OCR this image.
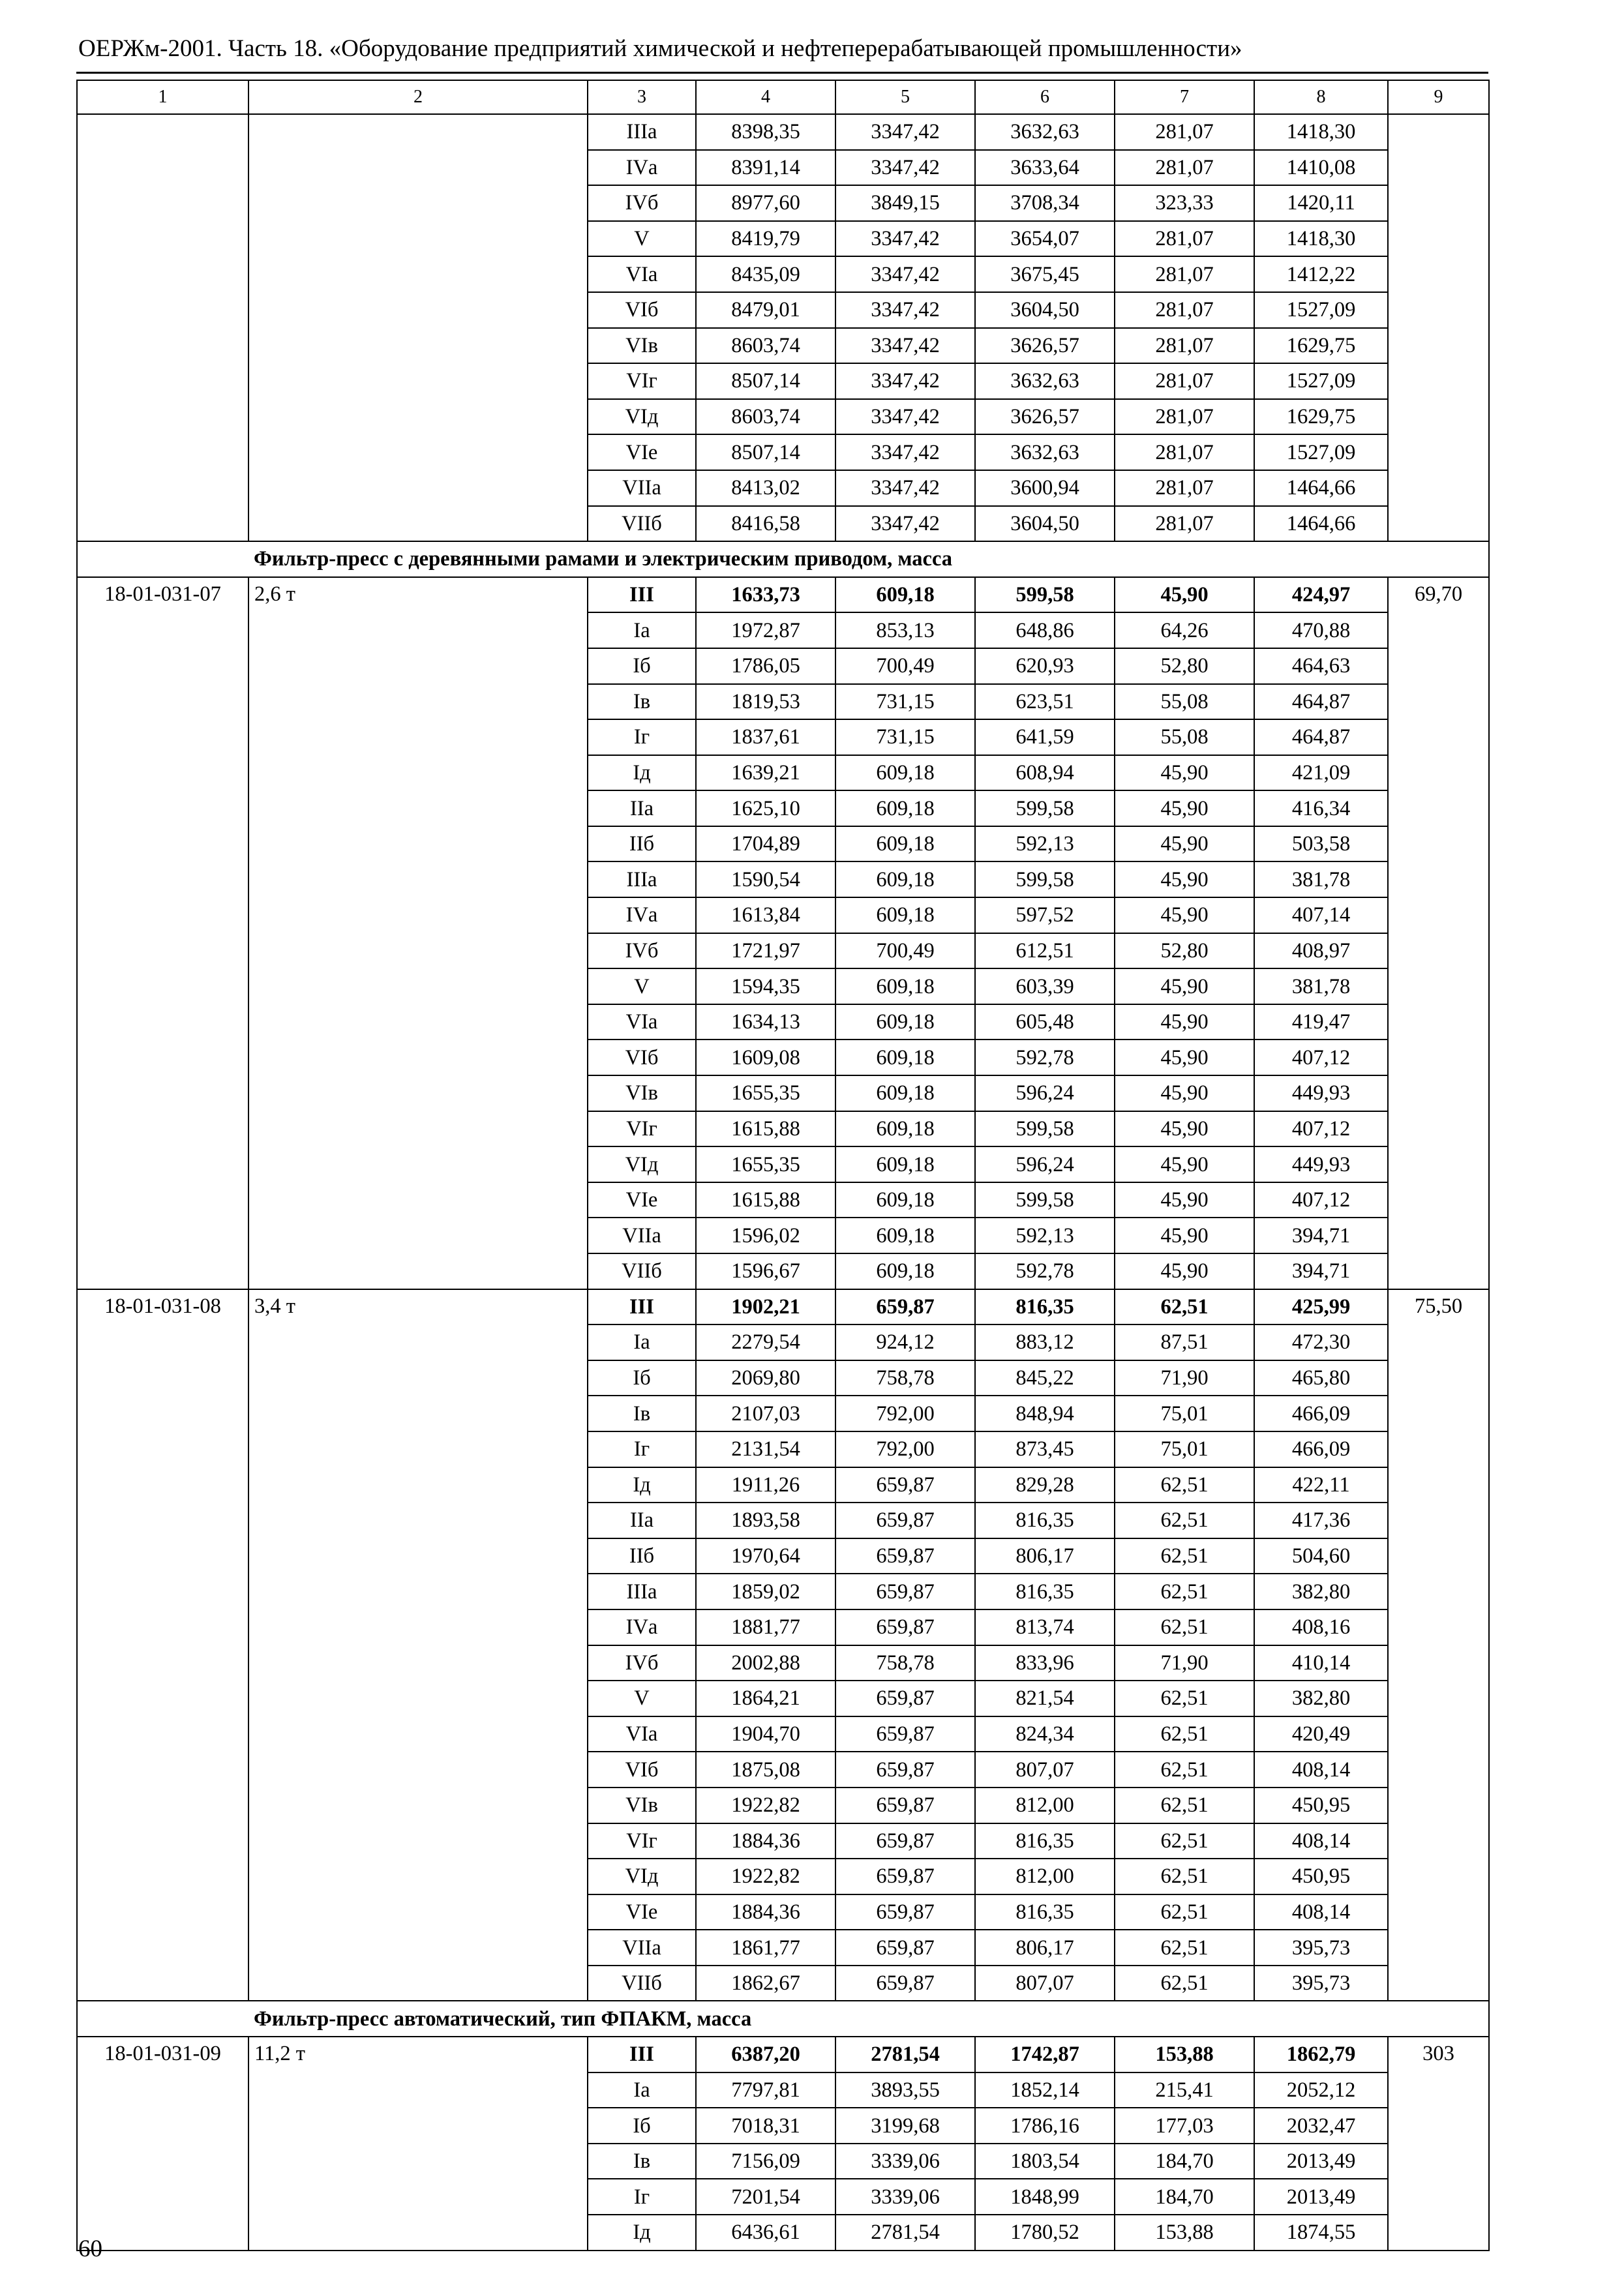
ОЕРЖм-2001. Часть 18. «Оборудование предприятий химической и нефтеперерабатывающей промышленности»
1	2	3	4	5	6	7	8	9
		IIIа	8398,35	3347,42	3632,63	281,07	1418,30	
		IVа	8391,14	3347,42	3633,64	281,07	1410,08	
		IVб	8977,60	3849,15	3708,34	323,33	1420,11	
		V	8419,79	3347,42	3654,07	281,07	1418,30	
		VIа	8435,09	3347,42	3675,45	281,07	1412,22	
		VIб	8479,01	3347,42	3604,50	281,07	1527,09	
		VIв	8603,74	3347,42	3626,57	281,07	1629,75	
		VIг	8507,14	3347,42	3632,63	281,07	1527,09	
		VIд	8603,74	3347,42	3626,57	281,07	1629,75	
		VIе	8507,14	3347,42	3632,63	281,07	1527,09	
		VIIа	8413,02	3347,42	3600,94	281,07	1464,66	
		VIIб	8416,58	3347,42	3604,50	281,07	1464,66	
Фильтр-пресс с деревянными рамами и электрическим приводом, масса								
18-01-031-07	2,6 т	III	1633,73	609,18	599,58	45,90	424,97	69,70
		Iа	1972,87	853,13	648,86	64,26	470,88	
		Iб	1786,05	700,49	620,93	52,80	464,63	
		Iв	1819,53	731,15	623,51	55,08	464,87	
		Iг	1837,61	731,15	641,59	55,08	464,87	
		Iд	1639,21	609,18	608,94	45,90	421,09	
		IIа	1625,10	609,18	599,58	45,90	416,34	
		IIб	1704,89	609,18	592,13	45,90	503,58	
		IIIа	1590,54	609,18	599,58	45,90	381,78	
		IVа	1613,84	609,18	597,52	45,90	407,14	
		IVб	1721,97	700,49	612,51	52,80	408,97	
		V	1594,35	609,18	603,39	45,90	381,78	
		VIа	1634,13	609,18	605,48	45,90	419,47	
		VIб	1609,08	609,18	592,78	45,90	407,12	
		VIв	1655,35	609,18	596,24	45,90	449,93	
		VIг	1615,88	609,18	599,58	45,90	407,12	
		VIд	1655,35	609,18	596,24	45,90	449,93	
		VIе	1615,88	609,18	599,58	45,90	407,12	
		VIIа	1596,02	609,18	592,13	45,90	394,71	
		VIIб	1596,67	609,18	592,78	45,90	394,71	
18-01-031-08	3,4 т	III	1902,21	659,87	816,35	62,51	425,99	75,50
		Iа	2279,54	924,12	883,12	87,51	472,30	
		Iб	2069,80	758,78	845,22	71,90	465,80	
		Iв	2107,03	792,00	848,94	75,01	466,09	
		Iг	2131,54	792,00	873,45	75,01	466,09	
		Iд	1911,26	659,87	829,28	62,51	422,11	
		IIа	1893,58	659,87	816,35	62,51	417,36	
		IIб	1970,64	659,87	806,17	62,51	504,60	
		IIIа	1859,02	659,87	816,35	62,51	382,80	
		IVа	1881,77	659,87	813,74	62,51	408,16	
		IVб	2002,88	758,78	833,96	71,90	410,14	
		V	1864,21	659,87	821,54	62,51	382,80	
		VIа	1904,70	659,87	824,34	62,51	420,49	
		VIб	1875,08	659,87	807,07	62,51	408,14	
		VIв	1922,82	659,87	812,00	62,51	450,95	
		VIг	1884,36	659,87	816,35	62,51	408,14	
		VIд	1922,82	659,87	812,00	62,51	450,95	
		VIе	1884,36	659,87	816,35	62,51	408,14	
		VIIа	1861,77	659,87	806,17	62,51	395,73	
		VIIб	1862,67	659,87	807,07	62,51	395,73	
Фильтр-пресс автоматический, тип ФПАКМ, масса								
18-01-031-09	11,2 т	III	6387,20	2781,54	1742,87	153,88	1862,79	303
		Iа	7797,81	3893,55	1852,14	215,41	2052,12	
		Iб	7018,31	3199,68	1786,16	177,03	2032,47	
		Iв	7156,09	3339,06	1803,54	184,70	2013,49	
		Iг	7201,54	3339,06	1848,99	184,70	2013,49	
		Iд	6436,61	2781,54	1780,52	153,88	1874,55	
60
